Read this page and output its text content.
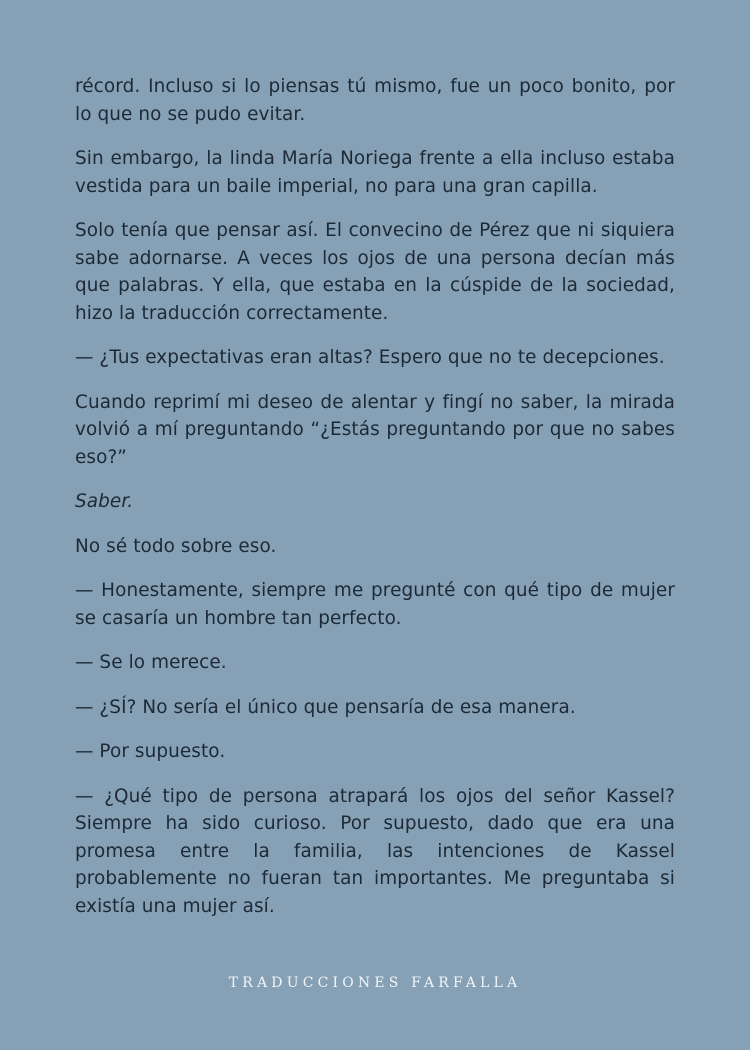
récord. Incluso si lo piensas tú mismo, fue un poco bonito, por lo que no se pudo evitar.

Sin embargo, la linda María Noriega frente a ella incluso estaba vestida para un baile imperial, no para una gran capilla.

Solo tenía que pensar así. El convecino de Pérez que ni siquiera sabe adornarse. A veces los ojos de una persona decían más que palabras. Y ella, que estaba en la cúspide de la sociedad, hizo la traducción correctamente.

— ¿Tus expectativas eran altas? Espero que no te decepciones.

Cuando reprimí mi deseo de alentar y fingí no saber, la mirada volvió a mí preguntando “¿Estás preguntando por que no sabes eso?”

Saber.

No sé todo sobre eso.

— Honestamente, siempre me pregunté con qué tipo de mujer se casaría un hombre tan perfecto.

— Se lo merece.

— ¿SÍ? No sería el único que pensaría de esa manera.

— Por supuesto.

— ¿Qué tipo de persona atrapará los ojos del señor Kassel? Siempre ha sido curioso. Por supuesto, dado que era una promesa entre la familia, las intenciones de Kassel probablemente no fueran tan importantes. Me preguntaba si existía una mujer así.

TRADUCCIONES FARFALLA
